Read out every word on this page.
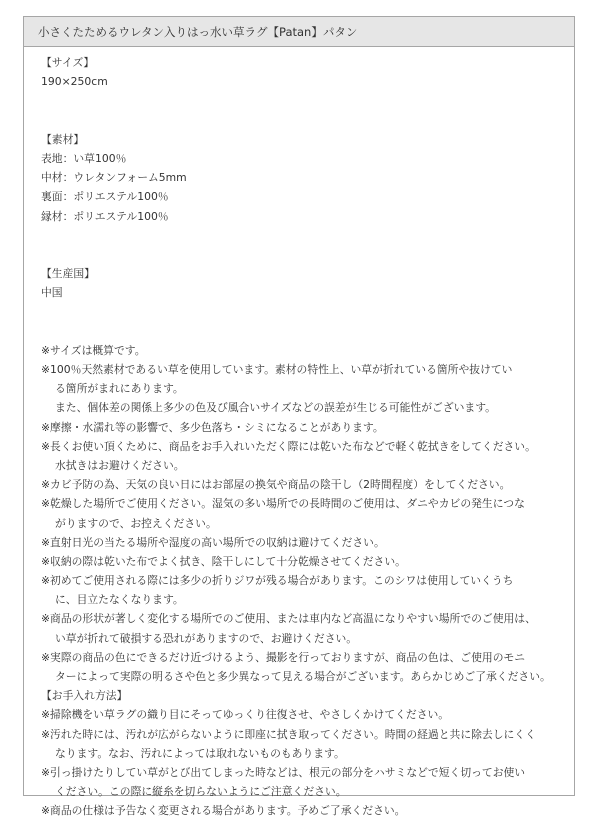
小さくたためるウレタン入りはっ水い草ラグ【Patan】パタン
【サイズ】
190×250cm
【素材】
表地：い草100％
中材：ウレタンフォーム5mm
裏面：ポリエステル100％
縁材：ポリエステル100％
【生産国】
中国
※サイズは概算です。
※100％天然素材であるい草を使用しています。素材の特性上、い草が折れている箇所や抜けてい
る箇所がまれにあります。
また、個体差の関係上多少の色及び風合いサイズなどの誤差が生じる可能性がございます。
※摩擦・水濡れ等の影響で、多少色落ち・シミになることがあります。
※長くお使い頂くために、商品をお手入れいただく際には乾いた布などで軽く乾拭きをしてください。
水拭きはお避けください。
※カビ予防の為、天気の良い日にはお部屋の換気や商品の陰干し（2時間程度）をしてください。
※乾燥した場所でご使用ください。湿気の多い場所での長時間のご使用は、ダニやカビの発生につな
がりますので、お控えください。
※直射日光の当たる場所や湿度の高い場所での収納は避けてください。
※収納の際は乾いた布でよく拭き、陰干しにして十分乾燥させてください。
※初めてご使用される際には多少の折りジワが残る場合があります。このシワは使用していくうち
に、目立たなくなります。
※商品の形状が著しく変化する場所でのご使用、または車内など高温になりやすい場所でのご使用は、
い草が折れて破損する恐れがありますので、お避けください。
※実際の商品の色にできるだけ近づけるよう、撮影を行っておりますが、商品の色は、ご使用のモニ
ターによって実際の明るさや色と多少異なって見える場合がございます。あらかじめご了承ください。
【お手入れ方法】
※掃除機をい草ラグの織り目にそってゆっくり往復させ、やさしくかけてください。
※汚れた時には、汚れが広がらないように即座に拭き取ってください。時間の経過と共に除去しにくく
なります。なお、汚れによっては取れないものもあります。
※引っ掛けたりしてい草がとび出てしまった時などは、根元の部分をハサミなどで短く切ってお使い
ください。この際に縦糸を切らないようにご注意ください。
※商品の仕様は予告なく変更される場合があります。予めご了承ください。
